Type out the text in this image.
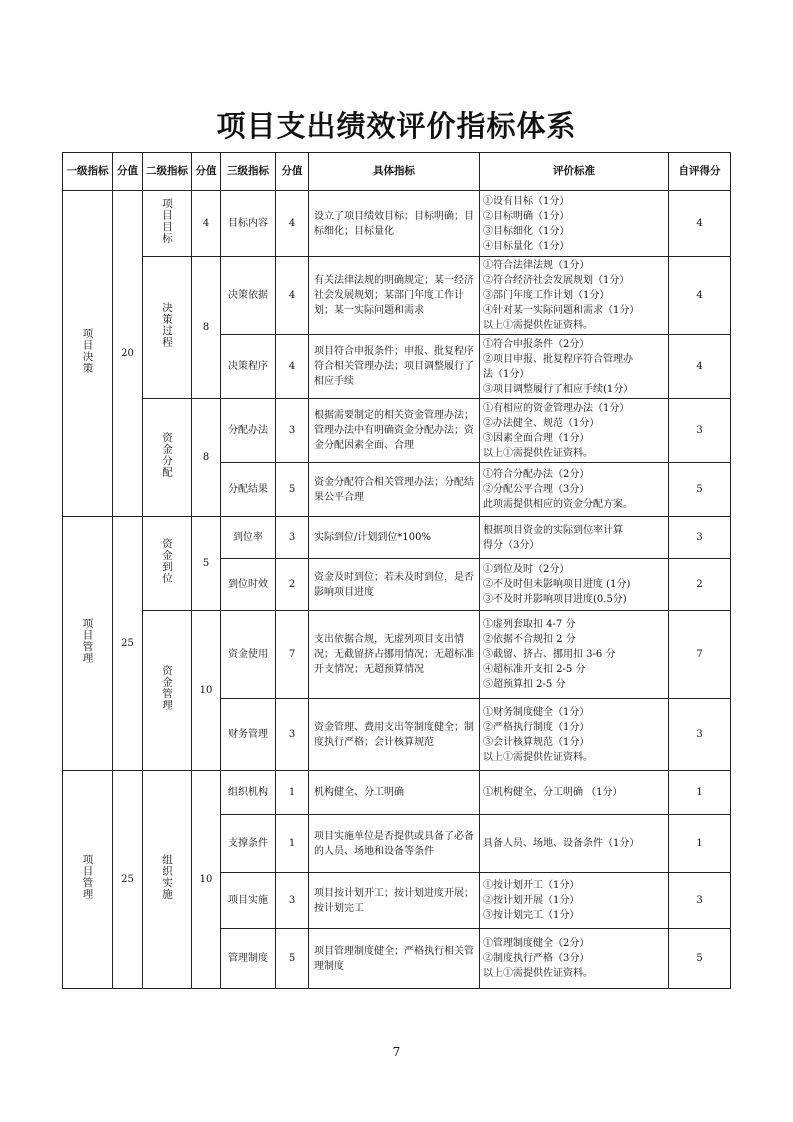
项目支出绩效评价指标体系
一级指标	分值	二级指标	分值	三级指标	分值	具体指标	评价标准	自评得分
项目决策	20	项目目标	4	目标内容	4	设立了项目绩效目标；目标明确；目标细化；目标量化	①设有目标（1分）
②目标明确（1分）
③目标细化（1分）
④目标量化（1分）	4
		决策过程	8	决策依据	4	有关法律法规的明确规定；某一经济社会发展规划；某部门年度工作计划；某一实际问题和需求	①符合法律法规（1分）
②符合经济社会发展规划（1分）
③部门年度工作计划（1分）
④针对某一实际问题和需求（1分）
以上①需提供佐证资料。	4
				决策程序	4	项目符合申报条件；申报、批复程序符合相关管理办法；项目调整履行了相应手续	①符合申报条件（2分）
②项目申报、批复程序符合管理办
法（1分）
③项目调整履行了相应手续(1分）	4
		资金分配	8	分配办法	3	根据需要制定的相关资金管理办法；管理办法中有明确资金分配办法；资金分配因素全面、合理	①有相应的资金管理办法（1分）
②办法健全、规范（1分）
③因素全面合理（1分）
以上①需提供佐证资料。	3
				分配结果	5	资金分配符合相关管理办法；分配结果公平合理	①符合分配办法（2分）
②分配公平合理（3分）
此项需提供相应的资金分配方案。	5
项目管理	25	资金到位	5	到位率	3	实际到位/计划到位*100%	根据项目资金的实际到位率计算
得分（3分）	3
				到位时效	2	资金及时到位；若未及时到位，是否影响项目进度	①到位及时（2分）
②不及时但未影响项目进度 (1分)
③不及时并影响项目进度(0.5分)	2
		资金管理	10	资金使用	7	支出依据合规，无虚列项目支出情况；无截留挤占挪用情况；无超标准开支情况；无超预算情况	①虚列套取扣 4-7 分
②依据不合规扣 2 分
③截留、挤占、挪用扣 3-6 分
④超标准开支扣 2-5 分
⑤超预算扣 2-5 分	7
				财务管理	3	资金管理、费用支出等制度健全；制度执行严格；会计核算规范	①财务制度健全（1分）
②严格执行制度（1分）
③会计核算规范（1分）
以上①需提供佐证资料。	3
项目管理	25	组织实施	10	组织机构	1	机构健全、分工明确	①机构健全、分工明确 （1分）	1
				支撑条件	1	项目实施单位是否提供或具备了必备的人员、场地和设备等条件	具备人员、场地、设备条件（1分）	1
				项目实施	3	项目按计划开工；按计划进度开展；按计划完工	①按计划开工（1分）
②按计划开展（1分）
③按计划完工（1分）	3
				管理制度	5	项目管理制度健全；严格执行相关管理制度	①管理制度健全（2分）
②制度执行严格（3分）
以上①需提供佐证资料。	5
7
